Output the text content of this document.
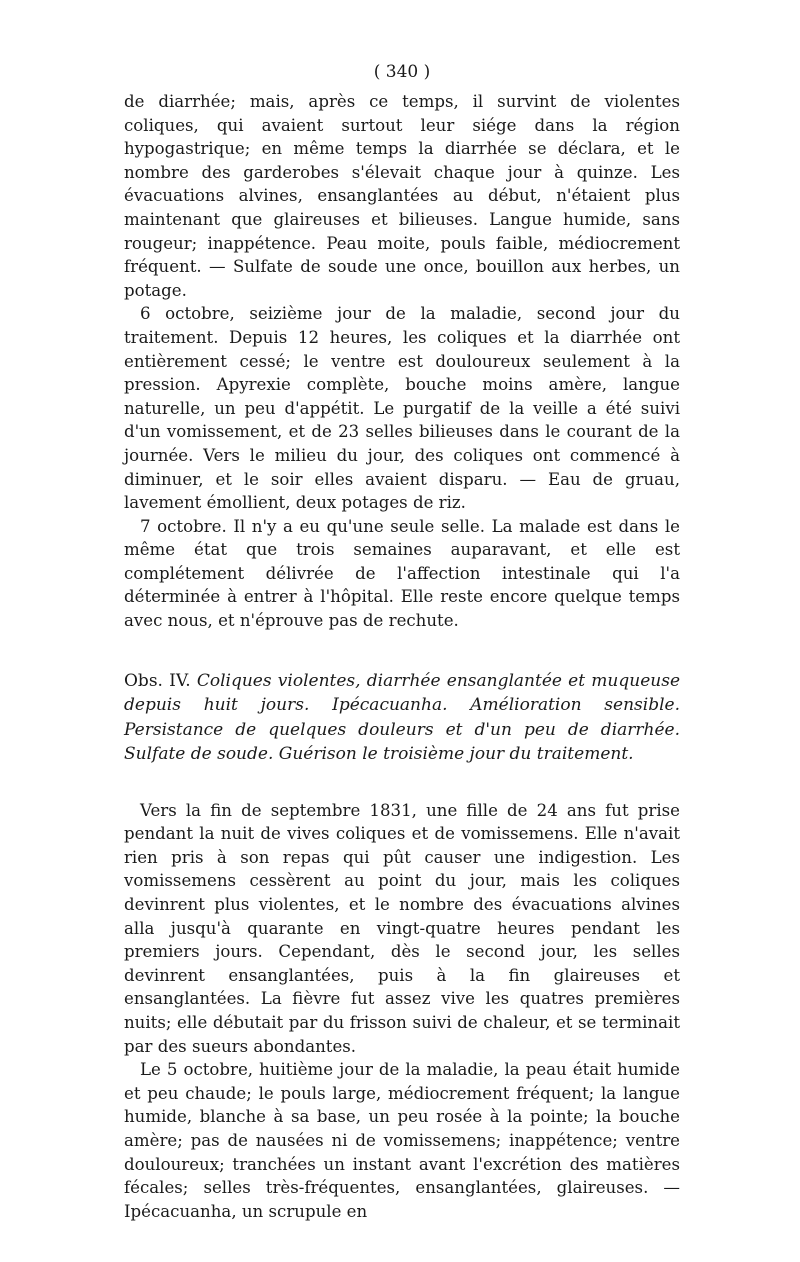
( 340 )

de diarrhée; mais, après ce temps, il survint de violentes coliques, qui avaient surtout leur siége dans la région hypogastrique; en même temps la diarrhée se déclara, et le nombre des garderobes s'élevait chaque jour à quinze. Les évacuations alvines, ensanglantées au début, n'étaient plus maintenant que glaireuses et bilieuses. Langue humide, sans rougeur; inappétence. Peau moite, pouls faible, médiocrement fréquent. — Sulfate de soude une once, bouillon aux herbes, un potage.

6 octobre, seizième jour de la maladie, second jour du traitement. Depuis 12 heures, les coliques et la diarrhée ont entièrement cessé; le ventre est douloureux seulement à la pression. Apyrexie complète, bouche moins amère, langue naturelle, un peu d'appétit. Le purgatif de la veille a été suivi d'un vomissement, et de 23 selles bilieuses dans le courant de la journée. Vers le milieu du jour, des coliques ont commencé à diminuer, et le soir elles avaient disparu. — Eau de gruau, lavement émollient, deux potages de riz.

7 octobre. Il n'y a eu qu'une seule selle. La malade est dans le même état que trois semaines auparavant, et elle est complétement délivrée de l'affection intestinale qui l'a déterminée à entrer à l'hôpital. Elle reste encore quelque temps avec nous, et n'éprouve pas de rechute.

Obs. IV. Coliques violentes, diarrhée ensanglantée et muqueuse depuis huit jours. Ipécacuanha. Amélioration sensible. Persistance de quelques douleurs et d'un peu de diarrhée. Sulfate de soude. Guérison le troisième jour du traitement.

Vers la fin de septembre 1831, une fille de 24 ans fut prise pendant la nuit de vives coliques et de vomissemens. Elle n'avait rien pris à son repas qui pût causer une indigestion. Les vomissemens cessèrent au point du jour, mais les coliques devinrent plus violentes, et le nombre des évacuations alvines alla jusqu'à quarante en vingt-quatre heures pendant les premiers jours. Cependant, dès le second jour, les selles devinrent ensanglantées, puis à la fin glaireuses et ensanglantées. La fièvre fut assez vive les quatres premières nuits; elle débutait par du frisson suivi de chaleur, et se terminait par des sueurs abondantes.

Le 5 octobre, huitième jour de la maladie, la peau était humide et peu chaude; le pouls large, médiocrement fréquent; la langue humide, blanche à sa base, un peu rosée à la pointe; la bouche amère; pas de nausées ni de vomissemens; inappétence; ventre douloureux; tranchées un instant avant l'excrétion des matières fécales; selles très-fréquentes, ensanglantées, glaireuses. — Ipécacuanha, un scrupule en
